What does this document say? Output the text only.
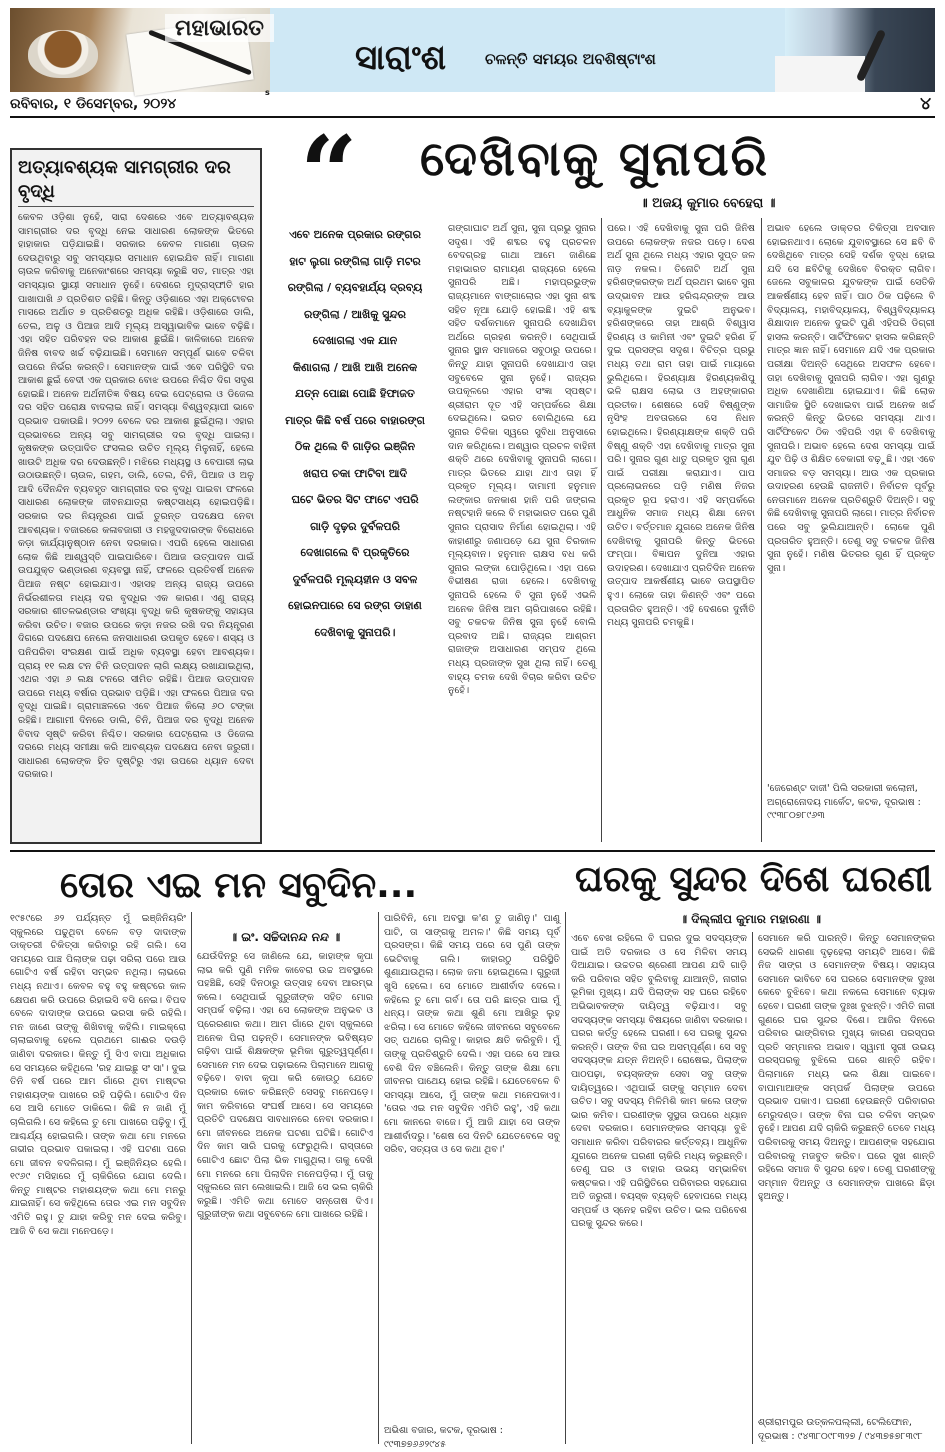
ମହାଭାରତ
ସାରାଂଶ	ଚଳନ୍ତି ସମୟର ଅବଶିଷ୍ଟାଂଶ
ରବିବାର, ୧ ଡିସେମ୍ବର, ୨୦୨୪
s
୪
ଅତ୍ୟାବଶ୍ୟକ ସାମଗ୍ରୀର ଦର ବୃଦ୍ଧି
କେବଳ ଓଡ଼ିଶା ନୁହେଁ, ସାରା ଦେଶରେ ଏବେ ଅତ୍ୟାବଶ୍ୟକ ସାମଗ୍ରୀର ଦର ବୃଦ୍ଧି ନେଇ ସାଧାରଣ ଲୋକଙ୍କ ଭିତରେ ହାହାକାର ପଡ଼ିଯାଇଛି। ସରକାର କେବଳ ମାଗଣା ଚାଉଳ ଦେଉଥିବାରୁ ସବୁ ସମସ୍ୟାର ସମାଧାନ ହୋଇଯିବ ନାହିଁ। ମାଗଣା ଚାଉଳ କରିବାକୁ ଅନେକାଂଶରେ ସମସ୍ୟା କରୁଛି ସତ, ମାତ୍ର ଏହା ସମସ୍ୟାର ସ୍ଥାୟୀ ସମାଧାନ ନୁହେଁ। ଦେଶରେ ମୁଦ୍ରାସ୍ଫୀତି ହାର ପାଖାପାଖି ୬ ପ୍ରତିଶତ ରହିଛି। କିନ୍ତୁ ଓଡ଼ିଶାରେ ଏହା ଅକ୍ଟୋବର ମାସରେ ଅର୍ଥାତ ୭ ପ୍ରତିଶତରୁ ଅଧିକ ରହିଛି। ଓଡ଼ିଶାରେ ଡାଲି, ତେଲ, ଅଳୁ ଓ ପିଆଜ ଆଦି ମୂଲ୍ୟ ଅସ୍ୱାଭାବିକ ଭାବେ ବଢ଼ିଛି। ଏହା ସହିତ ପରିବହନ ଦର ଆକାଶ ଛୁଇଁଛି। କାଳିକାରେ ଅନେକ ଜିନିଷ ବାବଦ ଖର୍ଚ୍ଚ ବଢ଼ିଯାଇଛି। ସେମାନେ ସମ୍ପୂର୍ଣ ଭାବେ ଚଳିବା ଉପରେ ନିର୍ଭର କରନ୍ତି। ସେମାନଙ୍କ ପାଇଁ ଏବେ ପରିସ୍ଥିତି ଦର ଆକାଶ ଛୁଇଁ ବେଦୀ ଏକ ପ୍ରକାର ବୋଝ ଉପରେ ନିଶ୍ଚିତ ଦିଗ ସଦୃଶ ହୋଇଛି। ଅନେକ ଅର୍ଥନୀତିଜ୍ଞ ବିଷୟ ଦେଇ ପେଟ୍ରୋଲ ଓ ଡିଜେଲ ଦର ସହିତ ପରୋକ୍ଷ ବାଦଲାଇ ନାହିଁ। ସମସ୍ୟା ବିଶ୍ୱବ୍ୟାପୀ ଭାବେ ପ୍ରଭାବ ପକାଉଛି। ୨୦୨୨ ବେଳେ ଦର ଆକାଶ ଛୁଇଁଥିଲା। ଏହାର ପ୍ରଭାବରେ ଅନ୍ୟ ସବୁ ସାମଗ୍ରୀର ଦର ବୃଦ୍ଧି ପାଇଲା। କୃଷକଙ୍କ ଉତ୍ପାଦିତ ଫସଲର ଉଚିତ ମୂଲ୍ୟ ମିଳୁନାହିଁ, ହେଲେ ଖାଉଟି ଅଧିକ ଦର ଦେଉଛନ୍ତି। ମଝିରେ ମଧ୍ୟସ୍ଥ ଓ ବେପାରୀ ଲାଭ ଉଠାଉଛନ୍ତି। ଚାଉଳ, ଗହମ, ଡାଲି, ତେଲ, ଚିନି, ପିଆଜ ଓ ଅଳୁ ଆଦି ଦୈନନ୍ଦିନ ବ୍ୟବହୃତ ସାମଗ୍ରୀର ଦର ବୃଦ୍ଧି ପାଇବା ଫଳରେ ସାଧାରଣ ଲୋକଙ୍କ ଜୀବନଯାତ୍ରା କଷ୍ଟସାଧ୍ୟ ହୋଇପଡ଼ିଛି। ସରକାର ଦର ନିୟନ୍ତ୍ରଣ ପାଇଁ ତୁରନ୍ତ ପଦକ୍ଷେପ ନେବା ଆବଶ୍ୟକ। ବଜାରରେ କଳାବଜାରୀ ଓ ମହଜୁଦଦାରଙ୍କ ବିରୋଧରେ କଡ଼ା କାର୍ଯ୍ୟାନୁଷ୍ଠାନ ନେବା ଦରକାର। ଏପରି ହେଲେ ସାଧାରଣ ଲୋକ କିଛି ଆଶ୍ୱସ୍ତି ପାଇପାରିବେ। ପିଆଜ ଉତ୍ପାଦନ ପାଇଁ ଉପଯୁକ୍ତ ଭଣ୍ଡାରଣ ବ୍ୟବସ୍ଥା ନାହିଁ, ଫଳରେ ପ୍ରତିବର୍ଷ ଅନେକ ପିଆଜ ନଷ୍ଟ ହୋଇଯାଏ। ଏହାସହ ଅନ୍ୟ ରାଜ୍ୟ ଉପରେ ନିର୍ଭରଶୀଳତା ମଧ୍ୟ ଦର ବୃଦ୍ଧିର ଏକ କାରଣ। ଏଣୁ ରାଜ୍ୟ ସରକାର ଶୀତଳଭଣ୍ଡାର ସଂଖ୍ୟା ବୃଦ୍ଧି କରି କୃଷକଙ୍କୁ ସହାୟତା କରିବା ଉଚିତ। ବଜାର ଉପରେ କଡ଼ା ନଜର ରଖି ଦର ନିୟନ୍ତ୍ରଣ ଦିଗରେ ପଦକ୍ଷେପ ନେଲେ ଜନସାଧାରଣ ଉପକୃତ ହେବେ। ଶସ୍ୟ ଓ ପନିପରିବା ସଂରକ୍ଷଣ ପାଇଁ ଅଧିକ ବ୍ୟବସ୍ଥା ହେବା ଆବଶ୍ୟକ। ପ୍ରାୟ ୧୧ ଲକ୍ଷ ଟନ ଚିନି ଉତ୍ପାଦନ ଲାଗି ଲକ୍ଷ୍ୟ ରଖାଯାଇଥିଲା, ଏଥର ଏହା ୬ ଲକ୍ଷ ଟନରେ ସୀମିତ ରହିଛି। ପିଆଜ ଉତ୍ପାଦନ ଉପରେ ମଧ୍ୟ ବର୍ଷାର ପ୍ରଭାବ ପଡ଼ିଛି। ଏହା ଫଳରେ ପିଆଜ ଦର ବୃଦ୍ଧି ପାଇଛି। ଗ୍ରାମାଞ୍ଚଳରେ ଏବେ ପିଆଜ କିଲୋ ୬୦ ଟଙ୍କା ରହିଛି। ଆଗାମୀ ଦିନରେ ଡାଲି, ଚିନି, ପିଆଜ ଦର ବୃଦ୍ଧି ଅନେକ ବିବାଦ ସୃଷ୍ଟି କରିବା ନିଶ୍ଚିତ। ସରକାର ପେଟ୍ରୋଲ ଓ ଡିଜେଲ ଦରରେ ମଧ୍ୟ ସମୀକ୍ଷା କରି ଆବଶ୍ୟକ ପଦକ୍ଷେପ ନେବା ଜରୁରୀ। ସାଧାରଣ ଲୋକଙ୍କ ହିତ ଦୃଷ୍ଟିରୁ ଏହା ଉପରେ ଧ୍ୟାନ ଦେବା ଦରକାର।
“ ଦେଖିବାକୁ ସୁନାପରି
॥ ଅଜୟ କୁମାର ବେହେରା ॥
ଏବେ ଅନେକ ପ୍ରକାର ରଙ୍ଗର
ହାଟ ଲୁଗା ରଙ୍ଗିଲା ଗାଡ଼ି ମଟର
ରଙ୍ଗିଲା / ବ୍ୟବହାର୍ଯ୍ୟ ଦ୍ରବ୍ୟ
ରଙ୍ଗିଲା / ଆଖିକୁ ସୁନ୍ଦର
ଦେଖାଗଲା ଏକ ଯାନ
କିଣାଗଲା / ଆଖି ଆଖି ଅନେକ
ଯତ୍ନ ପୋଛା ପୋଛି ହିଫାଜତ
ମାତ୍ର କିଛି ବର୍ଷ ପରେ ବାହାରଙ୍ଗ
ଠିକ ଥିଲେ ବି ଗାଡ଼ିର ଇଞ୍ଜିନ
ଖରାପ ଚକା ଫାଟିବା ଆଦି
ଘଟେ ଭିତର ସିଟ ଫାଟେ ଏପରି
ଗାଡ଼ି ଦୃଢ଼ର ଦୁର୍ବଳପରି
ଦେଖାଗଲେ ବି ପ୍ରକୃତିରେ
ଦୁର୍ବଳପରି ମୂଲ୍ୟହୀନ ଓ ସବଳ
ହୋଇନପାରେ ସେ ରଙ୍ଗ ଡାହାଣ
ଦେଖିବାକୁ ସୁନାପରି।
ଗଙ୍ଗାଘାଟ ଅର୍ଥ ସୁନା, ସୁନା ପ୍ରଭୁ ସୁନାର ସଦୃଶ। ଏହି ଶବ୍ଦର ବହୁ ପ୍ରଚଳନ ବେଦଗ୍ରନ୍ଥ ଗାଥା ଆମେ ଜାଣିଛେ ମହାଭାରତ ରାମାୟଣ ରାଜ୍ୟରେ ହେଲେ ସୁନାପରି ଅଛି। ମହାପ୍ରଭୁଙ୍କ ରାଜ୍ୟମାନେ ବାଙ୍ଗାଲୋର ଏହା ସୁନା ଶବ୍ଦ ସହିତ ନୂଆ ଯୋଡ଼ି ହୋଇଛି। ଏହି ଶବ୍ଦ ସହିତ ଦର୍ଶକମାନେ ସୁନାପରି ଦେଖାଯିବା ଅର୍ଥରେ ଗ୍ରହଣ କରନ୍ତି। ସେଥିପାଇଁ ସୁନାର ସ୍ଥାନ ସମାଜରେ ସବୁଠାରୁ ଉପରେ। କିନ୍ତୁ ଯାହା ସୁନାପରି ଦେଖାଯାଏ ତାହା ସବୁବେଳେ ସୁନା ନୁହେଁ। ରାଜ୍ୟର ଉପକୂଳରେ ଏହାର ସଂଜ୍ଞା ସ୍ପଷ୍ଟ। ଶ୍ରୀରାମ ଦୂତ ଏହି ସମ୍ପର୍କରେ ଶିକ୍ଷା ଦେଇଥିଲେ। ଭରତ ବୋଲିଥିଲେ ଯେ ସୁନାର ଚିଳିକା ସ୍ୱରେ ସୁବିଧା ଅନୁସାରେ ଦାନ କରିଥିଲେ। ଅଶ୍ୱାର ପ୍ରଚଳ ବାହିନୀ ଶକ୍ତି ଥରେ ଦେଖିବାକୁ ସୁନାପରି ଲାଗେ। ମାତ୍ର ଭିତରେ ଯାହା ଥାଏ ତାହା ହିଁ ପ୍ରକୃତ ମୂଲ୍ୟ। ଦାମାମୀ ହନୁମାନ ଲଙ୍କାର ଜନକାଶ ହାନି ପରି ଜଙ୍ଗଲ ନଷ୍ଟହାନି କଲେ ବି ମହାଭାରତ ପରେ ପୁଣି ସୁନାର ପ୍ରାସାଦ ନିର୍ମାଣ ହୋଇଥିଲା। ଏହି କାହାଣୀରୁ ଜଣାପଡ଼େ ଯେ ସୁନା ଚିରକାଳ ମୂଲ୍ୟବାନ। ହନୁମାନ ରାକ୍ଷସ ବଧ କରି ସୁନାର ଲଙ୍କା ପୋଡ଼ିଥିଲେ। ଏହା ପରେ ବିଭୀଷଣ ରାଜା ହେଲେ। ଦେଖିବାକୁ ସୁନାପରି ହେଲେ ବି ସୁନା ନୁହେଁ ଏଭଳି ଅନେକ ଜିନିଷ ଆମ ଚାରିପାଖରେ ରହିଛି। ସବୁ ଚକଚକ ଜିନିଷ ସୁନା ନୁହେଁ ବୋଲି ପ୍ରବାଦ ଅଛି। ରାଜ୍ୟର ଆଶ୍ରମ ରାଜାଙ୍କ ଅସାଧାରଣ ସମ୍ପଦ ଥିଲେ ମଧ୍ୟ ପ୍ରଜାଙ୍କ ସୁଖ ଥିଲା ନାହିଁ। ତେଣୁ ବାହ୍ୟ ଚମକ ଦେଖି ବିଚାର କରିବା ଉଚିତ ନୁହେଁ।
ପରେ। ଏହି ଦେଖିବାକୁ ସୁନା ପରି ଜିନିଷ ଉପରେ ଲୋକଙ୍କ ନଜର ପଡ଼େ। ଦେଶ ଅର୍ଥ ସୁନା ଥିଲେ ମଧ୍ୟ ଏହାର ସୁପ୍ତ ଜଳ ନାଡ଼ ନକଲ। ତିନୋଟି ଅର୍ଥ ସୁନା ହରିଶଙ୍କରଙ୍କ ଅର୍ଥ ପ୍ରଥମ ଭାବେ ସୁନା ଉଦ୍ଭାବନ ଆଉ ହରିଶ୍ଚନ୍ଦ୍ରଙ୍କ ଆଉ ବ୍ୟାକୁଳଙ୍କ ଦୁଇଟି ଅନୁଭବ। ହରିଶଙ୍କରେ ତାହା ଆଶ୍ରି ବିଶ୍ୱାସ ହିରଣ୍ୟ ଓ କାମିନୀ ଏବଂ ଦୁଇଟି ହରିଣ ହିଁ ଦୁଇ ପ୍ରସଙ୍ଗ ସଦୃଶ। ବିଚିତ୍ର ପ୍ରଭୁ ମଧ୍ୟ ତଥା ରାମ ତାହା ପାଇଁ ମାୟାରେ ଭୁଲିଥିଲେ। ହିରଣ୍ୟାକ୍ଷ ହିରଣ୍ୟକଶିପୁ ଭଳି ରାକ୍ଷସ ଲୋଭ ଓ ଅହଙ୍କାରର ପ୍ରତୀକ। ଶେଷରେ ସେହି ବିଷ୍ଣୁଙ୍କ ନୃସିଂହ ଅବତାରରେ ସେ ନିଧନ ହୋଇଥିଲେ। ହିରଣ୍ୟାକ୍ଷଙ୍କ ଶକ୍ତି ପରି ବିଷ୍ଣୁ ଶକ୍ତି ଏହା ଦେଖିବାକୁ ମାତ୍ର ସୁନା ପରି। ସୁନାର ଗୁଣ ଧାତୁ ପ୍ରକୃତ ସୁନା ଗୁଣ ପାଇଁ ପରୀକ୍ଷା କରାଯାଏ। ପାପ ପ୍ରଲୋଭନରେ ପଡ଼ି ମଣିଷ ନିଜର ପ୍ରକୃତ ରୂପ ହରାଏ। ଏହି ସମ୍ପର୍କରେ ଆଧୁନିକ ସମାଜ ମଧ୍ୟ ଶିକ୍ଷା ନେବା ଉଚିତ। ବର୍ତ୍ତମାନ ଯୁଗରେ ଅନେକ ଜିନିଷ ଦେଖିବାକୁ ସୁନାପରି କିନ୍ତୁ ଭିତରେ ଫମ୍ପା। ବିଜ୍ଞାପନ ଦୁନିଆ ଏହାର ଉଦାହରଣ। ଦେଖାଯାଏ ପ୍ରତିଦିନ ଅନେକ ଉତ୍ପାଦ ଆକର୍ଷଣୀୟ ଭାବେ ଉପସ୍ଥାପିତ ହୁଏ। ଲୋକେ ତାହା କିଣନ୍ତି ଏବଂ ପରେ ପ୍ରତାରିତ ହୁଅନ୍ତି। ଏହି ଦେଶରେ ଦୁର୍ନୀତି ମଧ୍ୟ ସୁନାପରି ଚମକୁଛି।
ଅଭାବ ହେଲେ ଡାକ୍ତର ଚିକିତ୍ସା ଅବସାନ ହୋଇନଥାଏ। ଲୋକେ ଯୁବାବସ୍ଥାରେ ସେ ଛବି ବି ଦେଖିଥିବେ ମାତ୍ର ସେହି ଦର୍ଶକ ବୃଦ୍ଧ ହୋଇ ଯଦି ସେ ଛବିଟିକୁ ଦେଖିବେ ବିରକ୍ତ ଲାଗିବ। ଜେଲେ ସବୁକାଳର ଯୁବକଙ୍କ ପାଇଁ ସେତିକି ଆକର୍ଷଣୀୟ ହେବ ନାହିଁ। ପାଠ ଠିକ ପଢ଼ିଲେ ବି ବିଦ୍ୟାଳୟ, ମହାବିଦ୍ୟାଳୟ, ବିଶ୍ୱବିଦ୍ୟାଳୟ ଶିକ୍ଷାଦାନ ଅନେକ ଦୁଇଟି ପୁଣି ଏହିପରି ଡିଗ୍ରୀ ହାସଲ କରନ୍ତି। ସାର୍ଟିଫିକେଟ ହାସଲ କରିଛନ୍ତି ମାତ୍ର ଜ୍ଞାନ ନାହିଁ। ସେମାନେ ଯଦି ଏକ ପ୍ରକାର ପରୀକ୍ଷା ଦିଅନ୍ତି ସେଥିରେ ଅସଫଳ ହେବେ। ତାହା ଦେଖିବାକୁ ସୁନାପରି ଲାଗିବ। ଏହା ଗୁଣରୁ ଅଧିକ ଦେଖାଣିଆ ହୋଇଯାଏ। କିଛି ଲୋକ ସାମାଜିକ ସ୍ଥିତି ଦେଖାଇବା ପାଇଁ ଅନେକ ଖର୍ଚ୍ଚ କରନ୍ତି କିନ୍ତୁ ଭିତରେ ସମସ୍ୟା ଥାଏ। ସାର୍ଟିଫିକେଟ ଠିକ ଏହିପରି ଏହା ବି ଦେଖିବାକୁ ସୁନାପରି। ଅଭାବ ହେଲେ ଦେଶ ସମସ୍ୟା ପାଇଁ ଯୁବ ପିଢ଼ି ଓ ଶିକ୍ଷିତ ବେକାରୀ ବଢ଼ୁଛି। ଏହା ଏବେ ସମାଜର ବଡ଼ ସମସ୍ୟା। ଆଉ ଏକ ପ୍ରକାର ଉଦାହରଣ ହେଉଛି ରାଜନୀତି। ନିର୍ବାଚନ ପୂର୍ବରୁ ନେତାମାନେ ଅନେକ ପ୍ରତିଶ୍ରୁତି ଦିଅନ୍ତି। ସବୁ କିଛି ଦେଖିବାକୁ ସୁନାପରି ଲାଗେ। ମାତ୍ର ନିର୍ବାଚନ ପରେ ସବୁ ଭୁଲିଯାଆନ୍ତି। ଲୋକେ ପୁଣି ପ୍ରତାରିତ ହୁଅନ୍ତି। ତେଣୁ ସବୁ ଚକଚକ ଜିନିଷ ସୁନା ନୁହେଁ। ମଣିଷ ଭିତରର ଗୁଣ ହିଁ ପ୍ରକୃତ ସୁନା।
'ଜେରେଣ୍ଟ ଦାଜୀ' ପିଲି ସରକାରୀ କଲୋନୀ, ଅଗ୍ରୋନୋଦୟ ମାର୍କେଟ, କଟକ, ଦୂରଭାଷ : ୯୯୩୮୦୭୮୯୬୩
ତୋର ଏଇ ମନ ସବୁଦିନ...
॥ ଇଂ. ସଚ୍ଚିଦାନନ୍ଦ ନନ୍ଦ ॥
୧୯୫୯ରେ ୬୨ ପର୍ଯ୍ୟନ୍ତ ମୁଁ ଇଞ୍ଜିନିୟରିଂ ସ୍କୁଲରେ ପଢୁଥିବା ବେଳେ ବଡ଼ ଦାଦାଙ୍କ ଡାକ୍ତରୀ ଚିକିତ୍ସା କରିବାରୁ ରହି ଗଲି। ସେ ସମୟରେ ପାଞ୍ଚ ପିଲାଙ୍କ ପଢ଼ା ସରିଲା ପରେ ଆଉ ଗୋଟିଏ ବର୍ଷ ରହିବା ସମ୍ଭବ ନଥିଲା। ଲାଭରେ ମଧ୍ୟ ନଥାଏ। କେବଳ ବହୁ ବହୁ କଷ୍ଟରେ କାଳ କ୍ଷେପଣ କରି ଉପରେ ରିହାଇସି ବସି ନେଇ। ବିପଦ ବେଳେ ଦାଦାଙ୍କ ଉପରେ ଭରସା କରି ରହିଲି। ମନ ଜାଣେ ତାଙ୍କୁ ଶିଖିବାକୁ କହିଲି। ମାଇକ୍ରୋ ଚାଲାଇବାକୁ ହେଲେ ପ୍ରଥମେ ଗାଈର ଦଉଡ଼ି ଜାଣିବା ଦରକାର। କିନ୍ତୁ ମୁଁ ସିଏ ବାପା ଅଧିକାର ସେ ସମୟରେ କହିଥିଲେ 'ରହ ଯାଇଛୁ ସଂ ସା'। ଦୁଇ ତିନି ବର୍ଷ ପରେ ଆମ ଗାଁରେ ଥିବା ମାଷ୍ଟର ମହାଶୟଙ୍କ ପାଖରେ ରହି ପଢ଼ିଲି। ଗୋଟିଏ ଦିନ ସେ ଆସି ମୋତେ ଡାକିଲେ। କିଛି ନ ଜାଣି ମୁଁ ଚାଲିଗଲି। ସେ କହିଲେ ତୁ ମୋ ପାଖରେ ପଢ଼ିବୁ। ମୁଁ ଆଶ୍ଚର୍ଯ୍ୟ ହୋଇଗଲି। ତାଙ୍କ କଥା ମୋ ମନରେ ଗଭୀର ପ୍ରଭାବ ପକାଇଲା। ଏହି ଘଟଣା ପରେ ମୋ ଜୀବନ ବଦଳିଗଲା। ମୁଁ ଇଞ୍ଜିନିୟର ହେଲି। ୧୯୬୯ ମସିହାରେ ମୁଁ ଚାକିରିରେ ଯୋଗ ଦେଲି। କିନ୍ତୁ ମାଷ୍ଟର ମହାଶୟଙ୍କ କଥା ମୋ ମନରୁ ଯାଇନାହିଁ। ସେ କହିଥିଲେ ତୋର ଏଇ ମନ ସବୁଦିନ ଏମିତି ରହୁ। ତୁ ଯାହା କରିବୁ ମନ ଦେଇ କରିବୁ। ଆଜି ବି ସେ କଥା ମନେପଡ଼େ।
ଯେଉଁଦିନରୁ ସେ ଜାଣିଲେ ଯେ, କାହାଙ୍କ କୃପା ଲାଭ କରି ପୁଣି ମନିକ କାବେରା ଉଚ୍ଚ ଅବସ୍ଥାରେ ପହଞ୍ଚିଛି, ସେହି ଦିନଠାରୁ ଉତ୍ସାହ ଦେବା ଆରମ୍ଭ କଲେ। ସେଥିପାଇଁ ଗୁରୁଜୀଙ୍କ ସହିତ ମୋର ସମ୍ପର୍କ ବଢ଼ିଲା। ଏହା ସେ ଲୋକଙ୍କ ଅନୁଭବ ଓ ପ୍ରେରଣାର କଥା। ଆମ ଗାଁରେ ଥିବା ସ୍କୁଲରେ ଅନେକ ପିଲା ପଢ଼ନ୍ତି। ସେମାନଙ୍କ ଭବିଷ୍ୟତ ଗଢ଼ିବା ପାଇଁ ଶିକ୍ଷକଙ୍କ ଭୂମିକା ଗୁରୁତ୍ୱପୂର୍ଣ୍ଣ। ସେମାନେ ମନ ଦେଇ ପଢ଼ାଇଲେ ପିଲାମାନେ ଆଗକୁ ବଢ଼ିବେ। ବାବା କୃପା କରି କୋଉଠୁ ଯେତେ ପ୍ରକାର କୋଚ କରିଛନ୍ତି ସେସବୁ ମନେପଡ଼େ। କାମ କରିବାରେ ସଂଘର୍ଷ ଆସେ। ସେ ସମୟରେ ପ୍ରତିଟି ପଦକ୍ଷେପ ସାବଧାନରେ ନେବା ଦରକାର। ମୋ ଜୀବନରେ ଅନେକ ଘଟଣା ଘଟିଛି। ଗୋଟିଏ ଦିନ କାମ ସାରି ଘରକୁ ଫେରୁଥିଲି। ରାସ୍ତାରେ ଗୋଟିଏ ଛୋଟ ପିଲା ଭିକ ମାଗୁଥିଲା। ତାକୁ ଦେଖି ମୋ ମନରେ ମୋ ପିଲାଦିନ ମନେପଡ଼ିଲା। ମୁଁ ତାକୁ ସ୍କୁଲରେ ନାମ ଲେଖାଇଲି। ଆଜି ସେ ଭଲ ଚାକିରି କରୁଛି। ଏମିତି କଥା ମୋତେ ସନ୍ତୋଷ ଦିଏ। ଗୁରୁଜୀଙ୍କ କଥା ସବୁବେଳେ ମୋ ପାଖରେ ରହିଛି।
ପାରିବିନି, ମୋ ଅବସ୍ଥା କ'ଣ ତୁ ଜାଣିନୁ।' ପାଣୁ ପାଟି, ତା ସାଙ୍ଗକୁ ଅମଳ।' କିଛି ସମୟ ପୂର୍ବ ପ୍ରସଙ୍ଗ। କିଛି ସମୟ ପରେ ସେ ପୁଣି ତାଙ୍କ ଭେଟିବାକୁ ଗଲି। କାହାରଠୁ ପରିସ୍ଥିତି ଶୁଣାଯାଉଥିଲା। ଲୋକ ଜମା ହୋଇଥିଲେ। ଗୁରୁଜୀ ଖୁସି ହେଲେ। ସେ ମୋତେ ଆଶୀର୍ବାଦ ଦେଲେ। କହିଲେ ତୁ ମୋ ଗର୍ବ। ତୋ ପରି ଛାତ୍ର ପାଇ ମୁଁ ଧନ୍ୟ। ତାଙ୍କ କଥା ଶୁଣି ମୋ ଆଖିରୁ ଲୁହ ଝରିଲା। ସେ ମୋତେ କହିଲେ ଜୀବନରେ ସବୁବେଳେ ସତ୍ ପଥରେ ଚାଲିବୁ। କାହାର କ୍ଷତି କରିବୁନି। ମୁଁ ତାଙ୍କୁ ପ୍ରତିଶ୍ରୁତି ଦେଲି। ଏହା ପରେ ସେ ଆଉ ବେଶି ଦିନ ବଞ୍ଚିଲେନି। କିନ୍ତୁ ତାଙ୍କ ଶିକ୍ଷା ମୋ ଜୀବନର ପାଥେୟ ହୋଇ ରହିଛି। ଯେତେବେଳେ ବି ସମସ୍ୟା ଆସେ, ମୁଁ ତାଙ୍କ କଥା ମନେପକାଏ। 'ତୋର ଏଇ ମନ ସବୁଦିନ ଏମିତି ରହୁ', ଏହି କଥା ମୋ କାନରେ ବାଜେ। ମୁଁ ଆଜି ଯାହା ସେ ତାଙ୍କ ଆଶୀର୍ବାଦରୁ। 'ଶେଷ ସେ ଦିନଟି ଯେତେବେଳେ ସବୁ ସରିବ, ସତ୍ୟତା ଓ ସେ କଥା ଥିବ।'
ଅଭିଶା ବଜାର, କଟକ, ଦୂରଭାଷ : ୯୯୩୭୭୬୬୨୯୪୫
ଘରକୁ ସୁନ୍ଦର ଦିଶେ ଘରଣୀ
॥ ଦିଲ୍ଲୀପ କୁମାର ମହାରଣା ॥
ଏବେ ବେଖ ରହିଲେ ବି ଘରର ଦୁଇ ସଦସ୍ୟଙ୍କ ପାଇଁ ଅତି ଦରକାର ଓ ସେ ମିଳିବା ସମୟ ଦିଆଯାଇ। ଉଚ୍ଚତର ଶ୍ରେଣୀ ଆପଣ ଯଦି ଗାଡ଼ି କରି ପରିବାର ସହିତ ବୁଲିବାକୁ ଯାଆନ୍ତି, ନାରୀର ଭୂମିକା ମୁଖ୍ୟ। ଯଦି ପିଲାଙ୍କ ସହ ଘରେ ରହିବେ ଅଭିଭାବକଙ୍କ ଦାୟିତ୍ୱ ବଢ଼ିଯାଏ। ସବୁ ସଦସ୍ୟଙ୍କ ସମସ୍ୟା ବିଷୟରେ ଜାଣିବା ଦରକାର। ଘରର କର୍ତ୍ତୃ ହେଲେ ଘରଣୀ। ସେ ଘରକୁ ସୁନ୍ଦର କରନ୍ତି। ତାଙ୍କ ବିନା ଘର ଅସମ୍ପୂର୍ଣ୍ଣ। ସେ ସବୁ ସଦସ୍ୟଙ୍କ ଯତ୍ନ ନିଅନ୍ତି। ରୋଷେଇ, ପିଲାଙ୍କ ପାଠପଢ଼ା, ବୟସ୍କଙ୍କ ସେବା ସବୁ ତାଙ୍କ ଦାୟିତ୍ୱରେ। ଏଥିପାଇଁ ତାଙ୍କୁ ସମ୍ମାନ ଦେବା ଉଚିତ। ସବୁ ସଦସ୍ୟ ମିଳିମିଶି କାମ କଲେ ତାଙ୍କ ଭାର କମିବ। ଘରଣୀଙ୍କ ସୁସ୍ଥତା ଉପରେ ଧ୍ୟାନ ଦେବା ଦରକାର। ସେମାନଙ୍କର ସମସ୍ୟା ବୁଝି ସମାଧାନ କରିବା ପରିବାରର କର୍ତ୍ତବ୍ୟ। ଆଧୁନିକ ଯୁଗରେ ଅନେକ ଘରଣୀ ଚାକିରି ମଧ୍ୟ କରୁଛନ୍ତି। ତେଣୁ ଘର ଓ ବାହାର ଉଭୟ ସମ୍ଭାଳିବା କଷ୍ଟକର। ଏହି ପରିସ୍ଥିତିରେ ପରିବାରର ସହଯୋଗ ଅତି ଜରୁରୀ। ବୟସ୍କ ବ୍ୟକ୍ତି ହେବାପରେ ମଧ୍ୟ ସମ୍ପର୍କ ଓ ସ୍ନେହ ରହିବା ଉଚିତ। ଭଲ ପରିବେଶ ଘରକୁ ସୁନ୍ଦର କରେ।
ସେମାନେ କରି ପାରନ୍ତି। କିନ୍ତୁ ସେମାନଙ୍କର ସେଭଳି ଧାରଣା ଦୃଢ଼ହେଲା ସମୟଟି ଆସେ। କିଛି ନିଜ ସାଙ୍ଗ ଓ ସେମାନଙ୍କ ବିଷୟ। ସହାୟତା ସେମାନେ ଭାବିବେ ସେ ଘରରେ ସେମାନଙ୍କ ଦୁଃଖ କେବେ ବୁଝିବେ। କଥା ନକଲେ ସେମାନେ ବ୍ୟାକ ହେବେ। ଘରଣୀ ତାଙ୍କ ଦୁଃଖ ବୁଝନ୍ତି। ଏମିତି ନାରୀ ଗୁଣରେ ଘର ସୁନ୍ଦର ଦିଶେ। ଆଜିର ଦିନରେ ପରିବାର ଭାଙ୍ଗିବାର ମୁଖ୍ୟ କାରଣ ପରସ୍ପର ପ୍ରତି ସମ୍ମାନର ଅଭାବ। ସ୍ୱାମୀ ସ୍ତ୍ରୀ ଉଭୟ ପରସ୍ପରକୁ ବୁଝିଲେ ଘରେ ଶାନ୍ତି ରହିବ। ପିଲାମାନେ ମଧ୍ୟ ଭଲ ଶିକ୍ଷା ପାଇବେ। ବାପାମାଆଙ୍କ ସମ୍ପର୍କ ପିଲାଙ୍କ ଉପରେ ପ୍ରଭାବ ପକାଏ। ଘରଣୀ ହେଉଛନ୍ତି ପରିବାରର ମେରୁଦଣ୍ଡ। ତାଙ୍କ ବିନା ଘର ଚଳିବା ସମ୍ଭବ ନୁହେଁ। ଆପଣ ଯଦି ଚାକିରି କରୁଛନ୍ତି ତେବେ ମଧ୍ୟ ପରିବାରକୁ ସମୟ ଦିଅନ୍ତୁ। ଆପଣଙ୍କ ସହଯୋଗ ପରିବାରକୁ ମଜବୁତ କରିବ। ଘରେ ସୁଖ ଶାନ୍ତି ରହିଲେ ସମାଜ ବି ସୁନ୍ଦର ହେବ। ତେଣୁ ଘରଣୀଙ୍କୁ ସମ୍ମାନ ଦିଅନ୍ତୁ ଓ ସେମାନଙ୍କ ପାଖରେ ଛିଡ଼ା ହୁଅନ୍ତୁ।
ଶ୍ରୀରାମପୁର ଉତ୍କଳପଲ୍ଲୀ, ଟେଲିଫୋନ, ଦୂରଭାଷ : ୯୪୩୮୦୯୮୩୨୭ / ୯୪୩୭୫୭୮୩୯୮
